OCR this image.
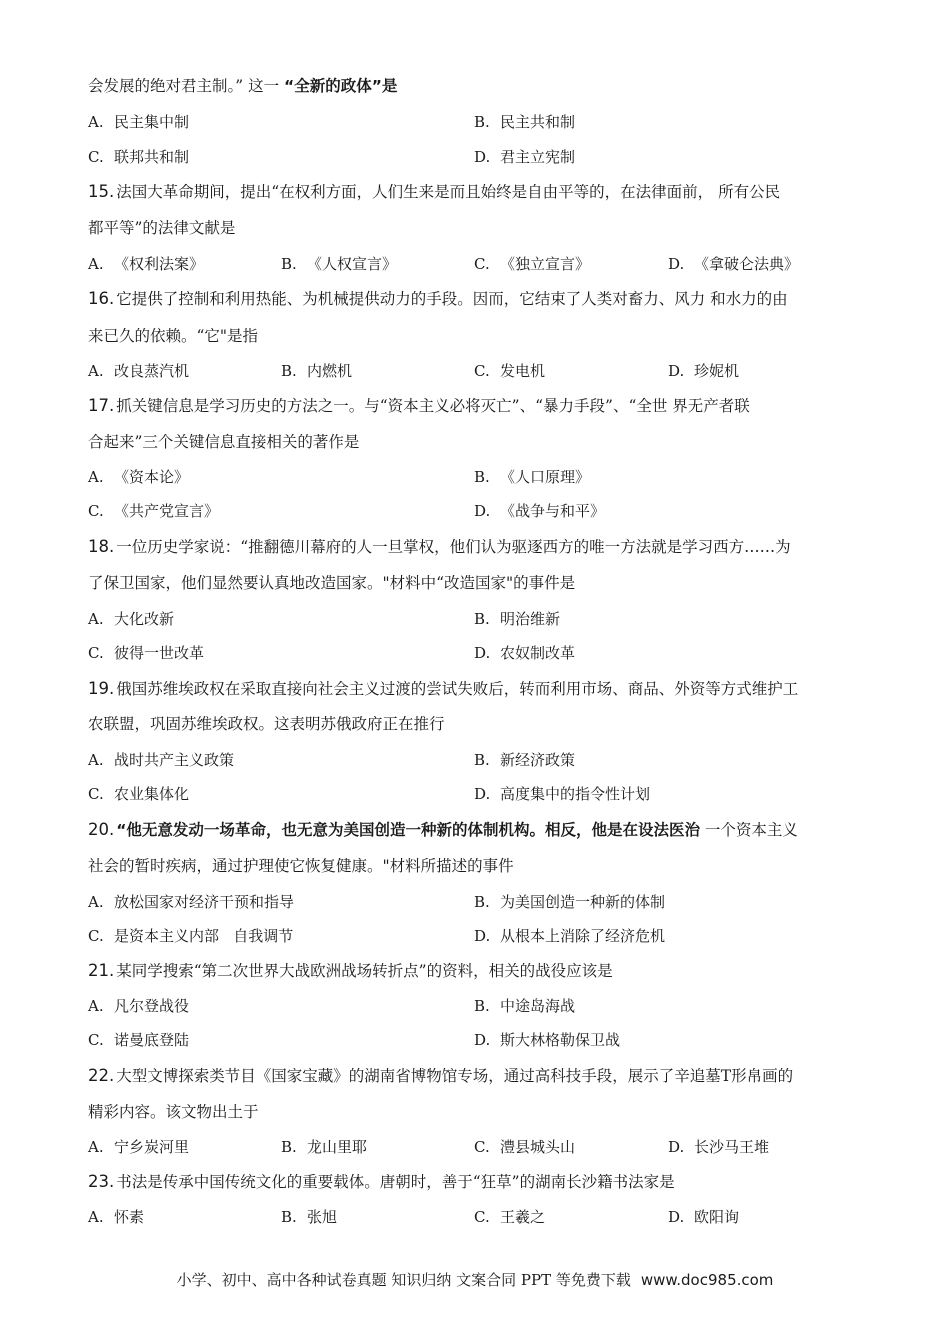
会发展的绝对君主制。” 这一 “全新的政体”是
A. 民主集中制	B. 民主共和制
C. 联邦共和制	D. 君主立宪制
15. 法国大革命期间，提出“在权利方面，人们生来是而且始终是自由平等的，在法律面前， 所有公民
都平等”的法律文献是
A. 《权利法案》	B. 《人权宣言》	C. 《独立宣言》	D. 《拿破仑法典》
16. 它提供了控制和利用热能、为机械提供动力的手段。因而，它结束了人类对畜力、风力 和水力的由
来已久的依赖。“它"是指
A. 改良蒸汽机	B. 内燃机	C. 发电机	D. 珍妮机
17. 抓关键信息是学习历史的方法之一。与“资本主义必将灭亡”、“暴力手段”、“全世 界无产者联
合起来”三个关键信息直接相关的著作是
A. 《资本论》	B. 《人口原理》
C. 《共产党宣言》	D. 《战争与和平》
18. 一位历史学家说：“推翻德川幕府的人一旦掌权，他们认为驱逐西方的唯一方法就是学习西方……为
了保卫国家，他们显然要认真地改造国家。"材料中“改造国家"的事件是
A. 大化改新	B. 明治维新
C. 彼得一世改革	D. 农奴制改革
19. 俄国苏维埃政权在采取直接向社会主义过渡的尝试失败后，转而利用市场、商品、外资等方式维护工
农联盟，巩固苏维埃政权。这表明苏俄政府正在推行
A. 战时共产主义政策	B. 新经济政策
C. 农业集体化	D. 高度集中的指令性计划
20. “他无意发动一场革命，也无意为美国创造一种新的体制机构。相反，他是在设法医治 一个资本主义
社会的暂时疾病，通过护理使它恢复健康。"材料所描述的事件
A. 放松国家对经济干预和指导	B. 为美国创造一种新的体制
C. 是资本主义内部   自我调节	D. 从根本上消除了经济危机
21. 某同学搜索“第二次世界大战欧洲战场转折点”的资料，相关的战役应该是
A. 凡尔登战役	B. 中途岛海战
C. 诺曼底登陆	D. 斯大林格勒保卫战
22. 大型文博探索类节目《国家宝藏》的湖南省博物馆专场，通过高科技手段，展示了辛追墓T形帛画的
精彩内容。该文物出土于
A. 宁乡炭河里	B. 龙山里耶	C. 澧县城头山	D. 长沙马王堆
23. 书法是传承中国传统文化的重要载体。唐朝时，善于“狂草”的湖南长沙籍书法家是
A. 怀素	B. 张旭	C. 王羲之	D. 欧阳询
小学、初中、高中各种试卷真题 知识归纳 文案合同 PPT 等免费下载 www.doc985.com
